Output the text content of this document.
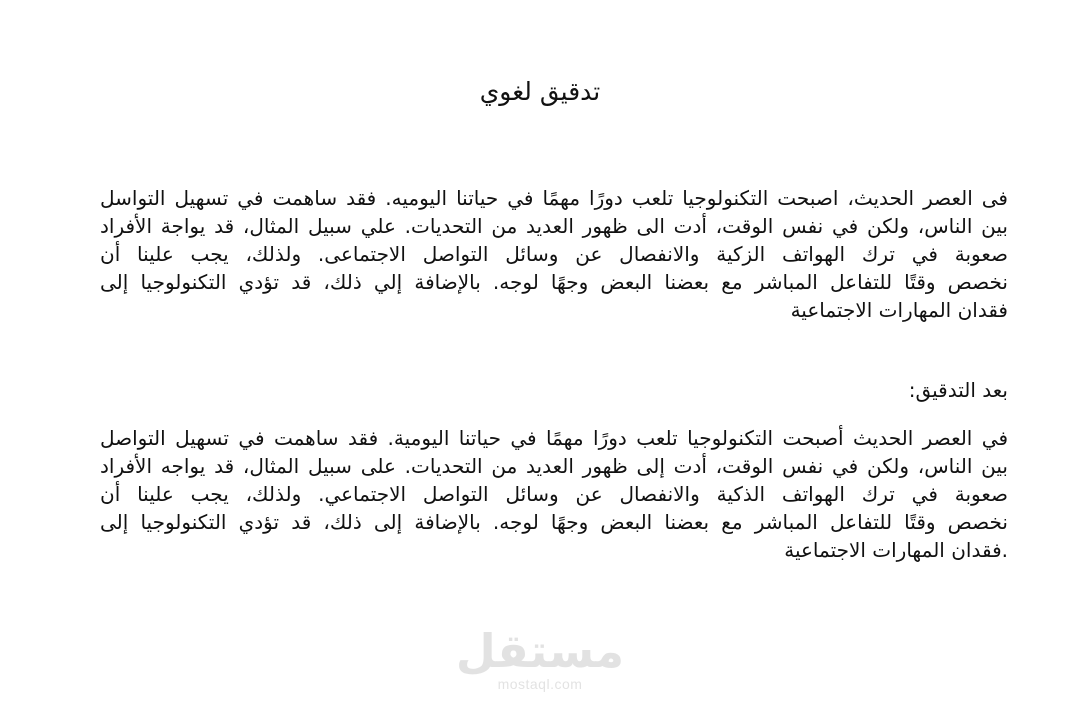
تدقيق لغوي

فى العصر الحديث، اصبحت التكنولوجيا تلعب دورًا مهمًا في حياتنا اليوميه. فقد ساهمت في تسهيل التواسل
بين الناس، ولكن في نفس الوقت، أدت الى ظهور العديد من التحديات. علي سبيل المثال، قد يواجة الأفراد
صعوبة في ترك الهواتف الزكية والانفصال عن وسائل التواصل الاجتماعى. ولذلك، يجب علينا أن
نخصص وقتًا للتفاعل المباشر مع بعضنا البعض وجهًا لوجه. بالإضافة إلي ذلك، قد تؤدي التكنولوجيا إلى
فقدان المهارات الاجتماعية

بعد التدقيق:

في العصر الحديث أصبحت التكنولوجيا تلعب دورًا مهمًا في حياتنا اليومية. فقد ساهمت في تسهيل التواصل
بين الناس، ولكن في نفس الوقت، أدت إلى ظهور العديد من التحديات. على سبيل المثال، قد يواجه الأفراد
صعوبة في ترك الهواتف الذكية والانفصال عن وسائل التواصل الاجتماعي. ولذلك، يجب علينا أن
نخصص وقتًا للتفاعل المباشر مع بعضنا البعض وجهًا لوجه. بالإضافة إلى ذلك، قد تؤدي التكنولوجيا إلى
.فقدان المهارات الاجتماعية

مستقل
mostaql.com
